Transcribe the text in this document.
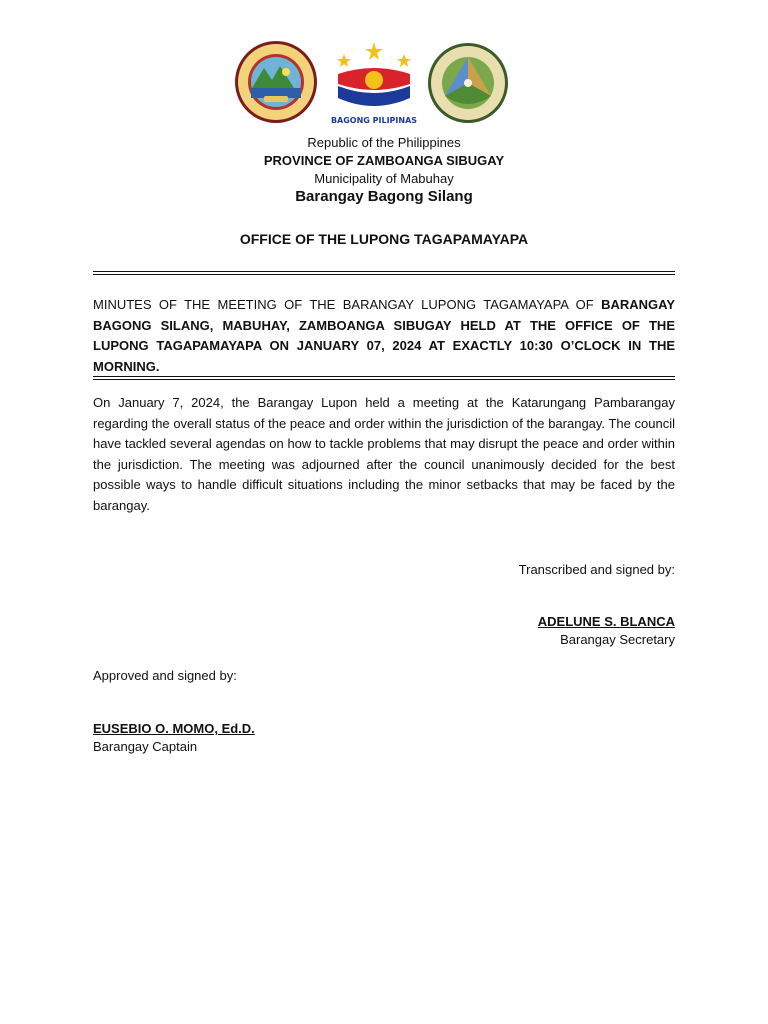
BAGONG PILIPINAS
Republic of the Philippines
PROVINCE OF ZAMBOANGA SIBUGAY
Municipality of Mabuhay
Barangay Bagong Silang
OFFICE OF THE LUPONG TAGAPAMAYAPA
MINUTES OF THE MEETING OF THE BARANGAY LUPONG TAGAMAYAPA OF BARANGAY BAGONG SILANG, MABUHAY, ZAMBOANGA SIBUGAY HELD AT THE OFFICE OF THE LUPONG TAGAPAMAYAPA ON JANUARY 07, 2024 AT EXACTLY 10:30 O’CLOCK IN THE MORNING.
On January 7, 2024, the Barangay Lupon held a meeting at the Katarungang Pambarangay regarding the overall status of the peace and order within the jurisdiction of the barangay. The council have tackled several agendas on how to tackle problems that may disrupt the peace and order within the jurisdiction. The meeting was adjourned after the council unanimously decided for the best possible ways to handle difficult situations including the minor setbacks that may be faced by the barangay.
Transcribed and signed by:
ADELUNE S. BLANCA
Barangay Secretary
Approved and signed by:
EUSEBIO O. MOMO, Ed.D.
Barangay Captain
